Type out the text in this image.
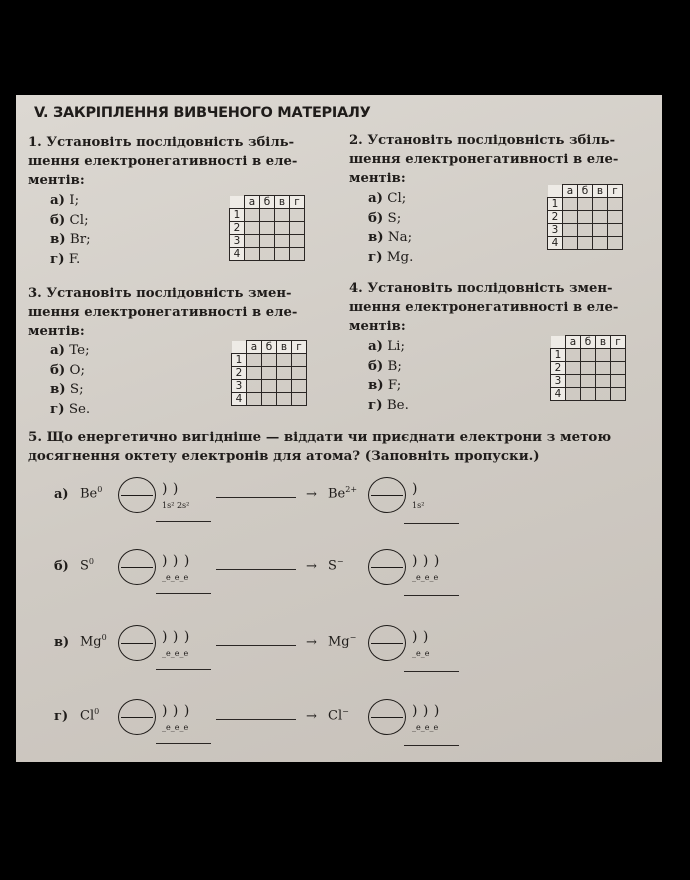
V. ЗАКРІПЛЕННЯ ВИВЧЕНОГО МАТЕРІАЛУ
1. Установіть послідовність збільшення електронегативності в елементів:
а) I;
б) Cl;
в) Br;
г) F.
	а	б	в	г
1				
2				
3				
4				
2. Установіть послідовність збільшення електронегативності в елементів:
а) Cl;
б) S;
в) Na;
г) Mg.
	а	б	в	г
1				
2				
3				
4				
3. Установіть послідовність зменшення електронегативності в елементів:
а) Te;
б) O;
в) S;
г) Se.
	а	б	в	г
1				
2				
3				
4				
4. Установіть послідовність зменшення електронегативності в елементів:
а) Li;
б) B;
в) F;
г) Be.
	а	б	в	г
1				
2				
3				
4				
5. Що енергетично вигідніше — віддати чи приєднати електрони з метою досягнення октету електронів для атома? (Заповніть пропуски.)
а) Be$^0$	) )
1s² 2s²
→ $Be^{2+}$	)
1s²
б) $S^0$	) ) )
_e_e_e
→ S−	) ) )
_e_e_e
в) Mg$^0$	) ) )
_e_e_e
→ Mg−	) )
_e_e
г) Cl$^0$	) ) )
_e_e_e
→ Cl−	) ) )
_e_e_e
